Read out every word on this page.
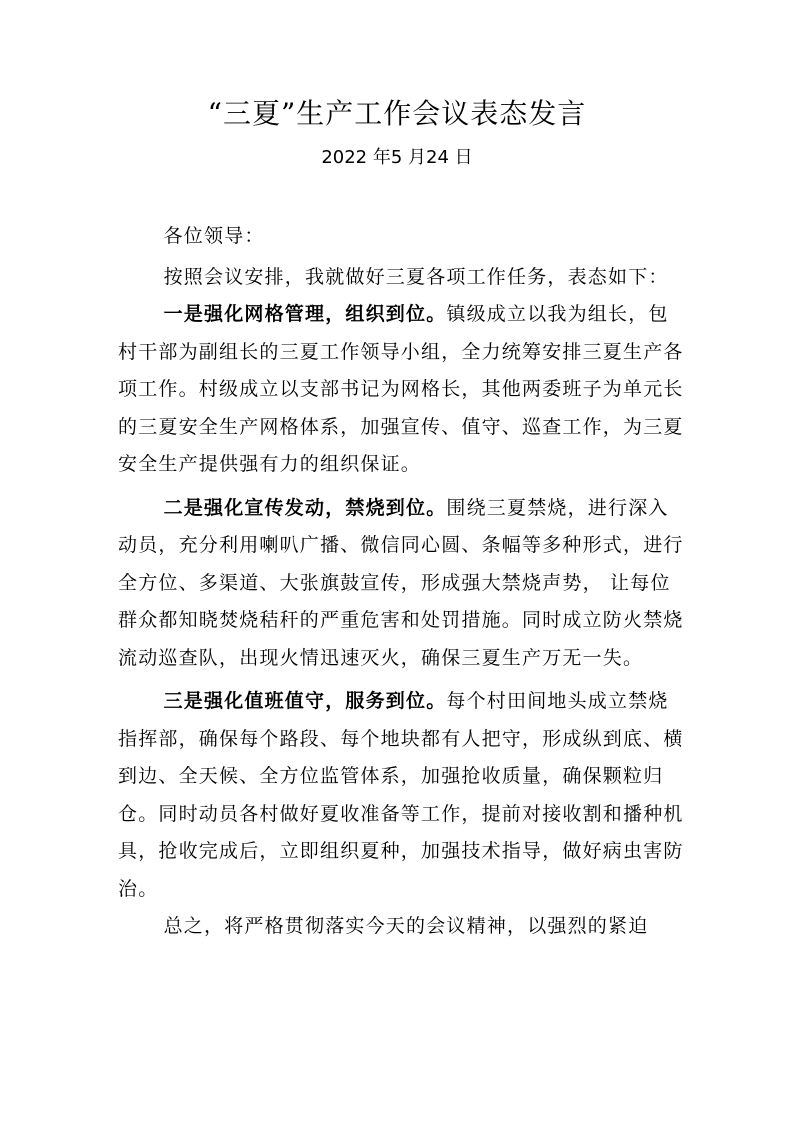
“三夏”生产工作会议表态发言
2022 年5 月24 日

各位领导：

按照会议安排，我就做好三夏各项工作任务，表态如下：

一是强化网格管理，组织到位。镇级成立以我为组长，包村干部为副组长的三夏工作领导小组，全力统筹安排三夏生产各项工作。村级成立以支部书记为网格长，其他两委班子为单元长的三夏安全生产网格体系，加强宣传、值守、巡查工作，为三夏安全生产提供强有力的组织保证。

二是强化宣传发动，禁烧到位。围绕三夏禁烧，进行深入动员，充分利用喇叭广播、微信同心圆、条幅等多种形式，进行全方位、多渠道、大张旗鼓宣传，形成强大禁烧声势， 让每位群众都知晓焚烧秸秆的严重危害和处罚措施。同时成立防火禁烧流动巡查队，出现火情迅速灭火，确保三夏生产万无一失。

三是强化值班值守，服务到位。每个村田间地头成立禁烧指挥部，确保每个路段、每个地块都有人把守，形成纵到底、横到边、全天候、全方位监管体系，加强抢收质量，确保颗粒归仓。同时动员各村做好夏收准备等工作，提前对接收割和播种机具，抢收完成后，立即组织夏种，加强技术指导，做好病虫害防治。

总之，将严格贯彻落实今天的会议精神，以强烈的紧迫
